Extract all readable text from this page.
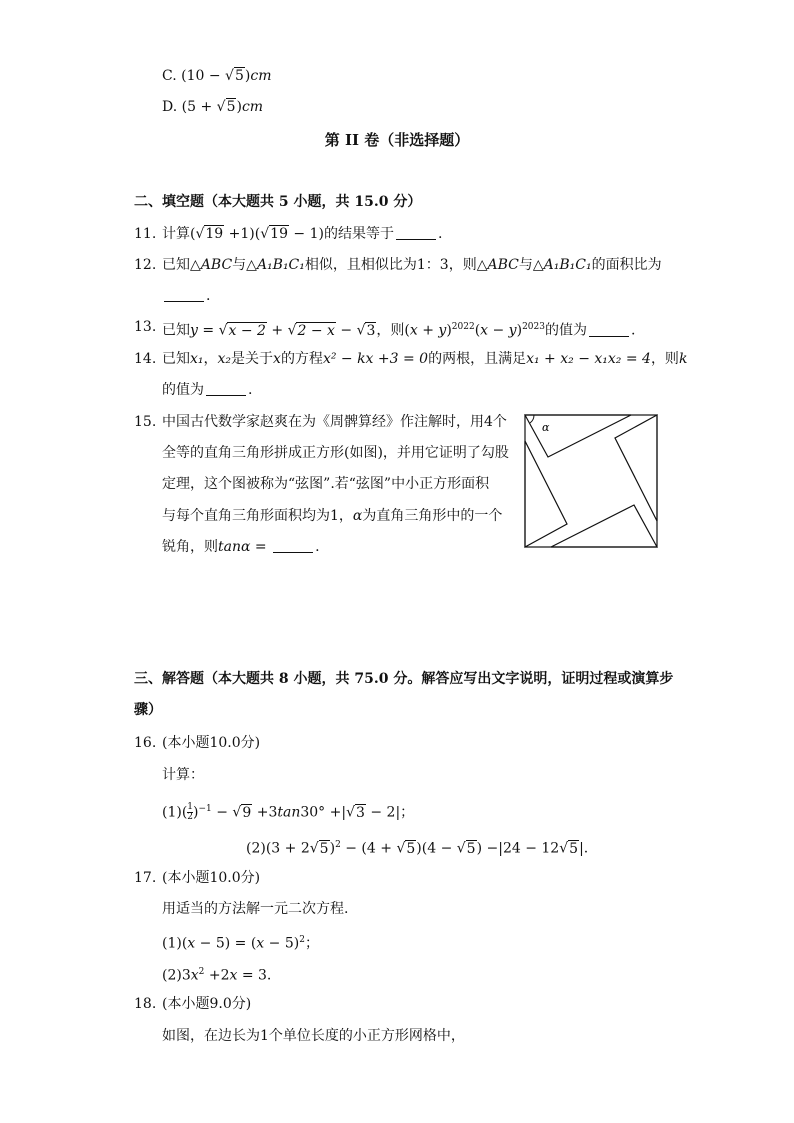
C. (10 − √5)cm
D. (5 + √5)cm
第 II 卷（非选择题）
二、填空题（本大题共 5 小题，共 15.0 分）
11. 计算(√19 +1)(√19 − 1)的结果等于	.
12. 已知△ABC与△A₁B₁C₁相似，且相似比为1：3，则△ABC与△A₁B₁C₁的面积比为
.
13. 已知y = √x − 2 + √2 − x − √3，则$(x + y)^{2022}(x - y)^{2023}$的值为	.
14. 已知x₁，x₂是关于x的方程x² − kx +3 = 0的两根，且满足x₁ + x₂ − x₁x₂ = 4，则k
的值为	.
15. 中国古代数学家赵爽在为《周髀算经》作注解时，用4个
全等的直角三角形拼成正方形(如图)，并用它证明了勾股
定理，这个图被称为“弦图”.若“弦图”中小正方形面积
与每个直角三角形面积均为1，α为直角三角形中的一个
锐角，则tanα =	.
α
三、解答题（本大题共 8 小题，共 75.0 分。解答应写出文字说明，证明过程或演算步
骤）
16. (本小题10.0分)
计算：
$(1)( \frac{1}{2} )^{-1} - √9 +3\tan 30^\circ +|√3 - 2|$；
$(2)(3 + 2√5)^2 - (4 + √5)(4 - √5) -|24 - 12√5|$.
17. (本小题10.0分)
用适当的方法解一元二次方程.
$(1)(x - 5) = (x - 5)^2$；
$(2)3x^2 +2x = 3$.
18. (本小题9.0分)
如图，在边长为1个单位长度的小正方形网格中，
